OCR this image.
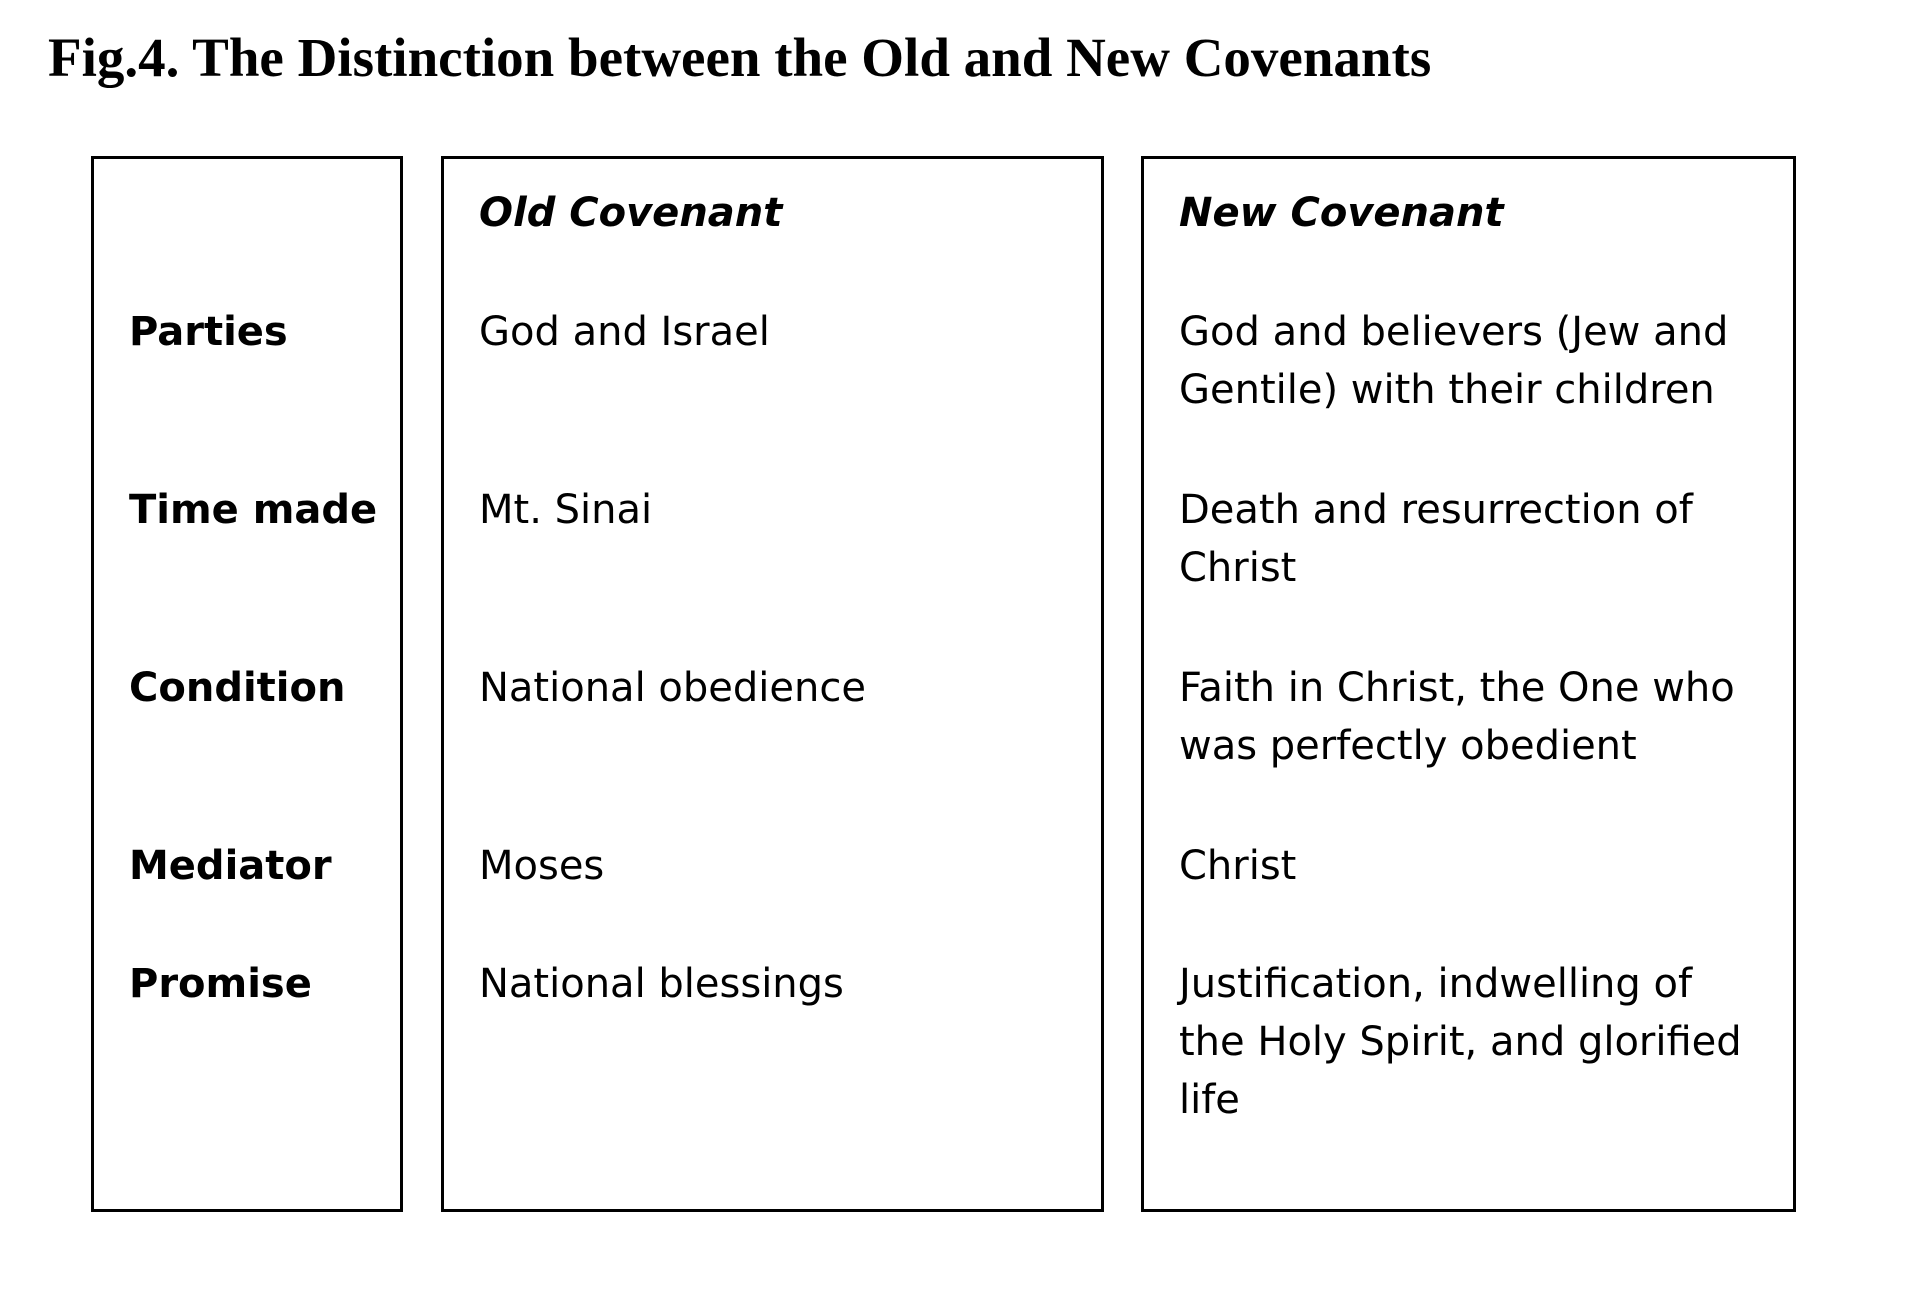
Fig.4. The Distinction between the Old and New Covenants
Parties
Time made
Condition
Mediator
Promise
Old Covenant
God and Israel
Mt. Sinai
National obedience
Moses
National blessings
New Covenant
God and believers (Jew and
Gentile) with their children
Death and resurrection of
Christ
Faith in Christ, the One who
was perfectly obedient
Christ
Justification, indwelling of
the Holy Spirit, and glorified
life
